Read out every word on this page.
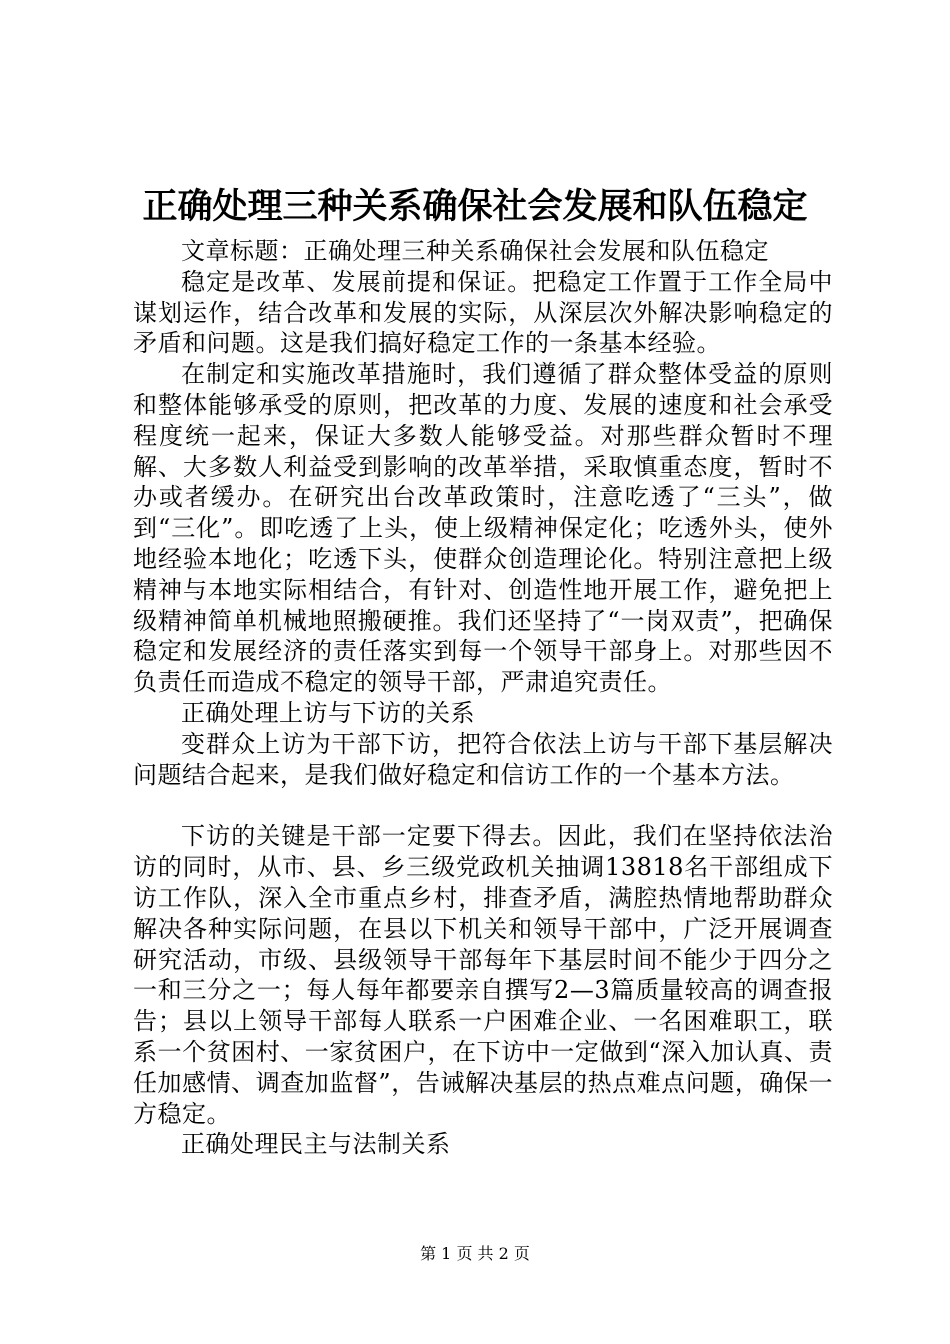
正确处理三种关系确保社会发展和队伍稳定

文章标题：正确处理三种关系确保社会发展和队伍稳定

稳定是改革、发展前提和保证。把稳定工作置于工作全局中谋划运作，结合改革和发展的实际，从深层次外解决影响稳定的矛盾和问题。这是我们搞好稳定工作的一条基本经验。

在制定和实施改革措施时，我们遵循了群众整体受益的原则和整体能够承受的原则，把改革的力度、发展的速度和社会承受程度统一起来，保证大多数人能够受益。对那些群众暂时不理解、大多数人利益受到影响的改革举措，采取慎重态度，暂时不办或者缓办。在研究出台改革政策时，注意吃透了“三头”，做到“三化”。即吃透了上头，使上级精神保定化；吃透外头，使外地经验本地化；吃透下头，使群众创造理论化。特别注意把上级精神与本地实际相结合，有针对、创造性地开展工作，避免把上级精神简单机械地照搬硬推。我们还坚持了“一岗双责”，把确保稳定和发展经济的责任落实到每一个领导干部身上。对那些因不负责任而造成不稳定的领导干部，严肃追究责任。

正确处理上访与下访的关系

变群众上访为干部下访，把符合依法上访与干部下基层解决问题结合起来，是我们做好稳定和信访工作的一个基本方法。

下访的关键是干部一定要下得去。因此，我们在坚持依法治访的同时，从市、县、乡三级党政机关抽调13818名干部组成下访工作队，深入全市重点乡村，排查矛盾，满腔热情地帮助群众解决各种实际问题，在县以下机关和领导干部中，广泛开展调查研究活动，市级、县级领导干部每年下基层时间不能少于四分之一和三分之一；每人每年都要亲自撰写2—3篇质量较高的调查报告；县以上领导干部每人联系一户困难企业、一名困难职工，联系一个贫困村、一家贫困户，在下访中一定做到“深入加认真、责任加感情、调查加监督”，告诫解决基层的热点难点问题，确保一方稳定。

正确处理民主与法制关系

第 1 页 共 2 页
